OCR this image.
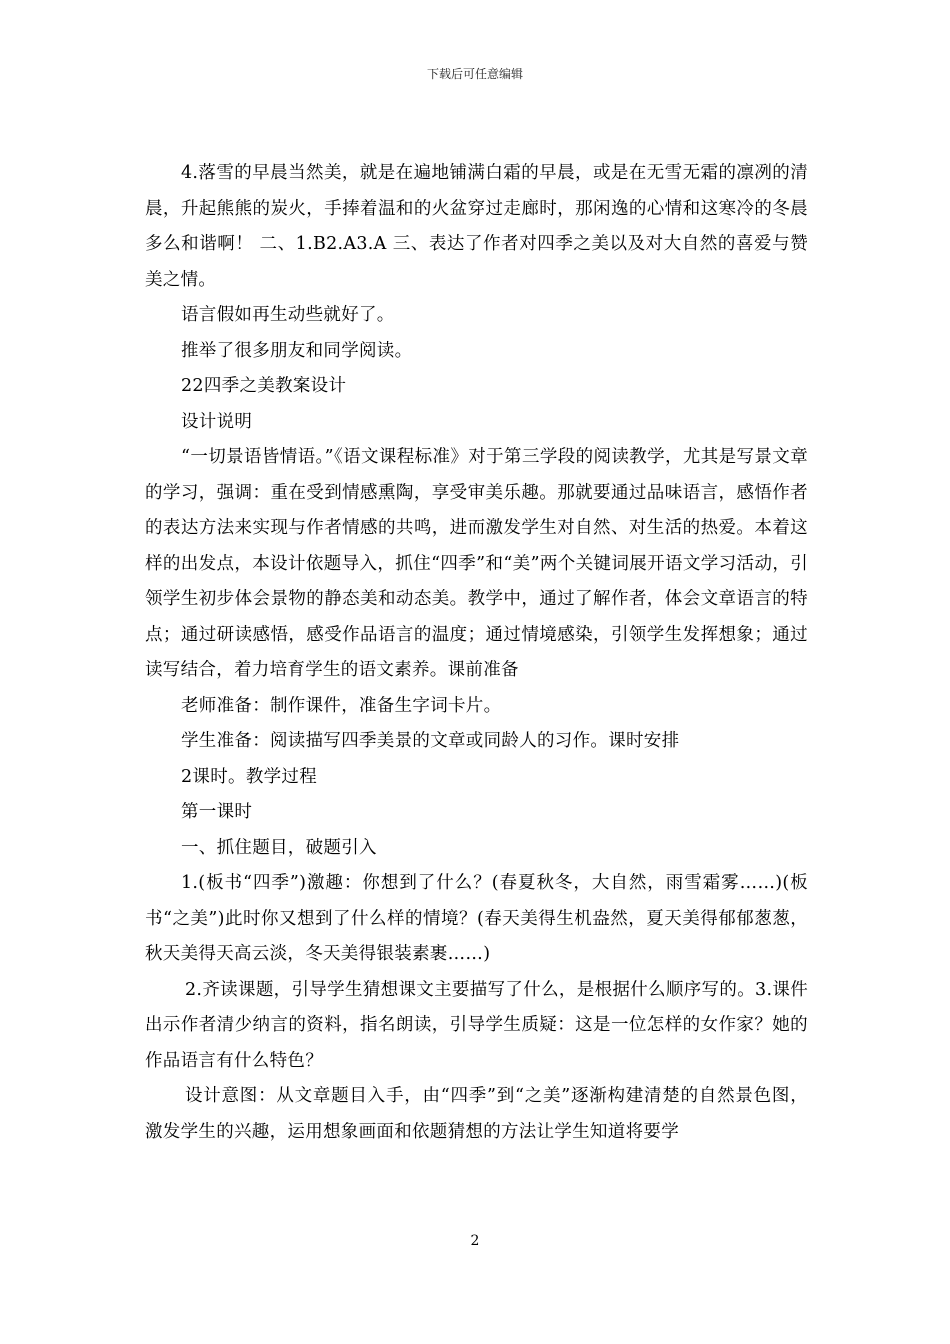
下载后可任意编辑

4.落雪的早晨当然美，就是在遍地铺满白霜的早晨，或是在无雪无霜的凛冽的清晨，升起熊熊的炭火，手捧着温和的火盆穿过走廊时，那闲逸的心情和这寒冷的冬晨多么和谐啊！ 二、1.B2.A3.A 三、表达了作者对四季之美以及对大自然的喜爱与赞美之情。

语言假如再生动些就好了。

推举了很多朋友和同学阅读。

22四季之美教案设计

设计说明

“一切景语皆情语。”《语文课程标准》对于第三学段的阅读教学，尤其是写景文章的学习，强调：重在受到情感熏陶，享受审美乐趣。那就要通过品味语言，感悟作者的表达方法来实现与作者情感的共鸣，进而激发学生对自然、对生活的热爱。本着这样的出发点，本设计依题导入，抓住“四季”和“美”两个关键词展开语文学习活动，引领学生初步体会景物的静态美和动态美。教学中，通过了解作者，体会文章语言的特点；通过研读感悟，感受作品语言的温度；通过情境感染，引领学生发挥想象；通过读写结合，着力培育学生的语文素养。课前准备

老师准备：制作课件，准备生字词卡片。

学生准备：阅读描写四季美景的文章或同龄人的习作。课时安排

2课时。教学过程

第一课时

一、抓住题目，破题引入

1.(板书“四季”)激趣：你想到了什么？(春夏秋冬，大自然，雨雪霜雾……)(板书“之美”)此时你又想到了什么样的情境？(春天美得生机盎然，夏天美得郁郁葱葱，秋天美得天高云淡，冬天美得银装素裹……)

2.齐读课题，引导学生猜想课文主要描写了什么，是根据什么顺序写的。3.课件出示作者清少纳言的资料，指名朗读，引导学生质疑：这是一位怎样的女作家？她的作品语言有什么特色？

设计意图：从文章题目入手，由“四季”到“之美”逐渐构建清楚的自然景色图，激发学生的兴趣，运用想象画面和依题猜想的方法让学生知道将要学

2
